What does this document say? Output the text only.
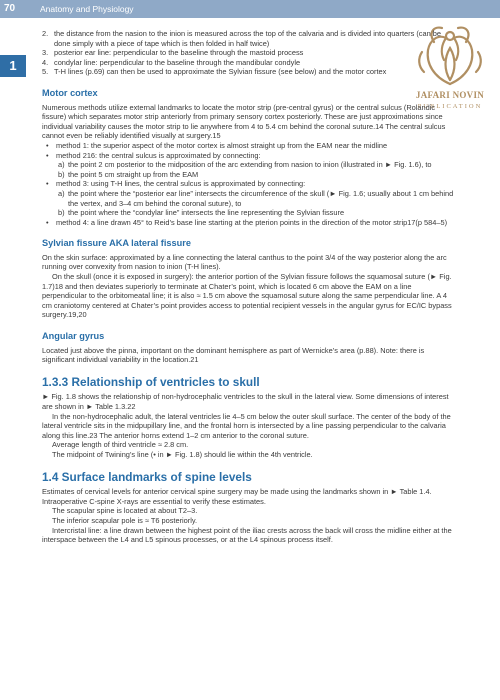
70	Anatomy and Physiology
1
JAFARI NOVIN
PUBLICATION
2. the distance from the nasion to the inion is measured across the top of the calvaria and is divided into quarters (can be done simply with a piece of tape which is then folded in half twice)
3. posterior ear line: perpendicular to the baseline through the mastoid process
4. condylar line: perpendicular to the baseline through the mandibular condyle
5. T-H lines (p.69) can then be used to approximate the Sylvian fissure (see below) and the motor cortex
Motor cortex

Numerous methods utilize external landmarks to locate the motor strip (pre-central gyrus) or the central sulcus (Rolandic fissure) which separates motor strip anteriorly from primary sensory cortex posteriorly. These are just approximations since individual variability causes the motor strip to lie anywhere from 4 to 5.4 cm behind the coronal suture.14 The central sulcus cannot even be reliably identified visually at surgery.15

• method 1: the superior aspect of the motor cortex is almost straight up from the EAM near the midline
• method 216: the central sulcus is approximated by connecting:
a) the point 2 cm posterior to the midposition of the arc extending from nasion to inion (illustrated in ► Fig. 1.6), to
b) the point 5 cm straight up from the EAM
• method 3: using T-H lines, the central sulcus is approximated by connecting:
a) the point where the “posterior ear line” intersects the circumference of the skull (► Fig. 1.6; usually about 1 cm behind the vertex, and 3–4 cm behind the coronal suture), to
b) the point where the “condylar line” intersects the line representing the Sylvian fissure
• method 4: a line drawn 45° to Reid’s base line starting at the pterion points in the direction of the motor strip17(p 584–5)
Sylvian fissure AKA lateral fissure

On the skin surface: approximated by a line connecting the lateral canthus to the point 3/4 of the way posterior along the arc running over convexity from nasion to inion (T-H lines).

On the skull (once it is exposed in surgery): the anterior portion of the Sylvian fissure follows the squamosal suture (► Fig. 1.7)18 and then deviates superiorly to terminate at Chater’s point, which is located 6 cm above the EAM on a line perpendicular to the orbitomeatal line; it is also ≈ 1.5 cm above the squamosal suture along the same perpendicular line. A 4 cm craniotomy centered at Chater’s point provides access to potential recipient vessels in the angular gyrus for EC/IC bypass surgery.19,20

Angular gyrus

Located just above the pinna, important on the dominant hemisphere as part of Wernicke’s area (p.88). Note: there is significant individual variability in the location.21

1.3.3 Relationship of ventricles to skull

► Fig. 1.8 shows the relationship of non-hydrocephalic ventricles to the skull in the lateral view. Some dimensions of interest are shown in ► Table 1.3.22

In the non-hydrocephalic adult, the lateral ventricles lie 4–5 cm below the outer skull surface. The center of the body of the lateral ventricle sits in the midpupillary line, and the frontal horn is intersected by a line passing perpendicular to the calvaria along this line.23 The anterior horns extend 1–2 cm anterior to the coronal suture.

Average length of third ventricle ≈ 2.8 cm.

The midpoint of Twining’s line (• in ► Fig. 1.8) should lie within the 4th ventricle.

1.4 Surface landmarks of spine levels

Estimates of cervical levels for anterior cervical spine surgery may be made using the landmarks shown in ► Table 1.4. Intraoperative C-spine X-rays are essential to verify these estimates.

The scapular spine is located at about T2–3.

The inferior scapular pole is ≈ T6 posteriorly.

Intercristal line: a line drawn between the highest point of the iliac crests across the back will cross the midline either at the interspace between the L4 and L5 spinous processes, or at the L4 spinous process itself.
